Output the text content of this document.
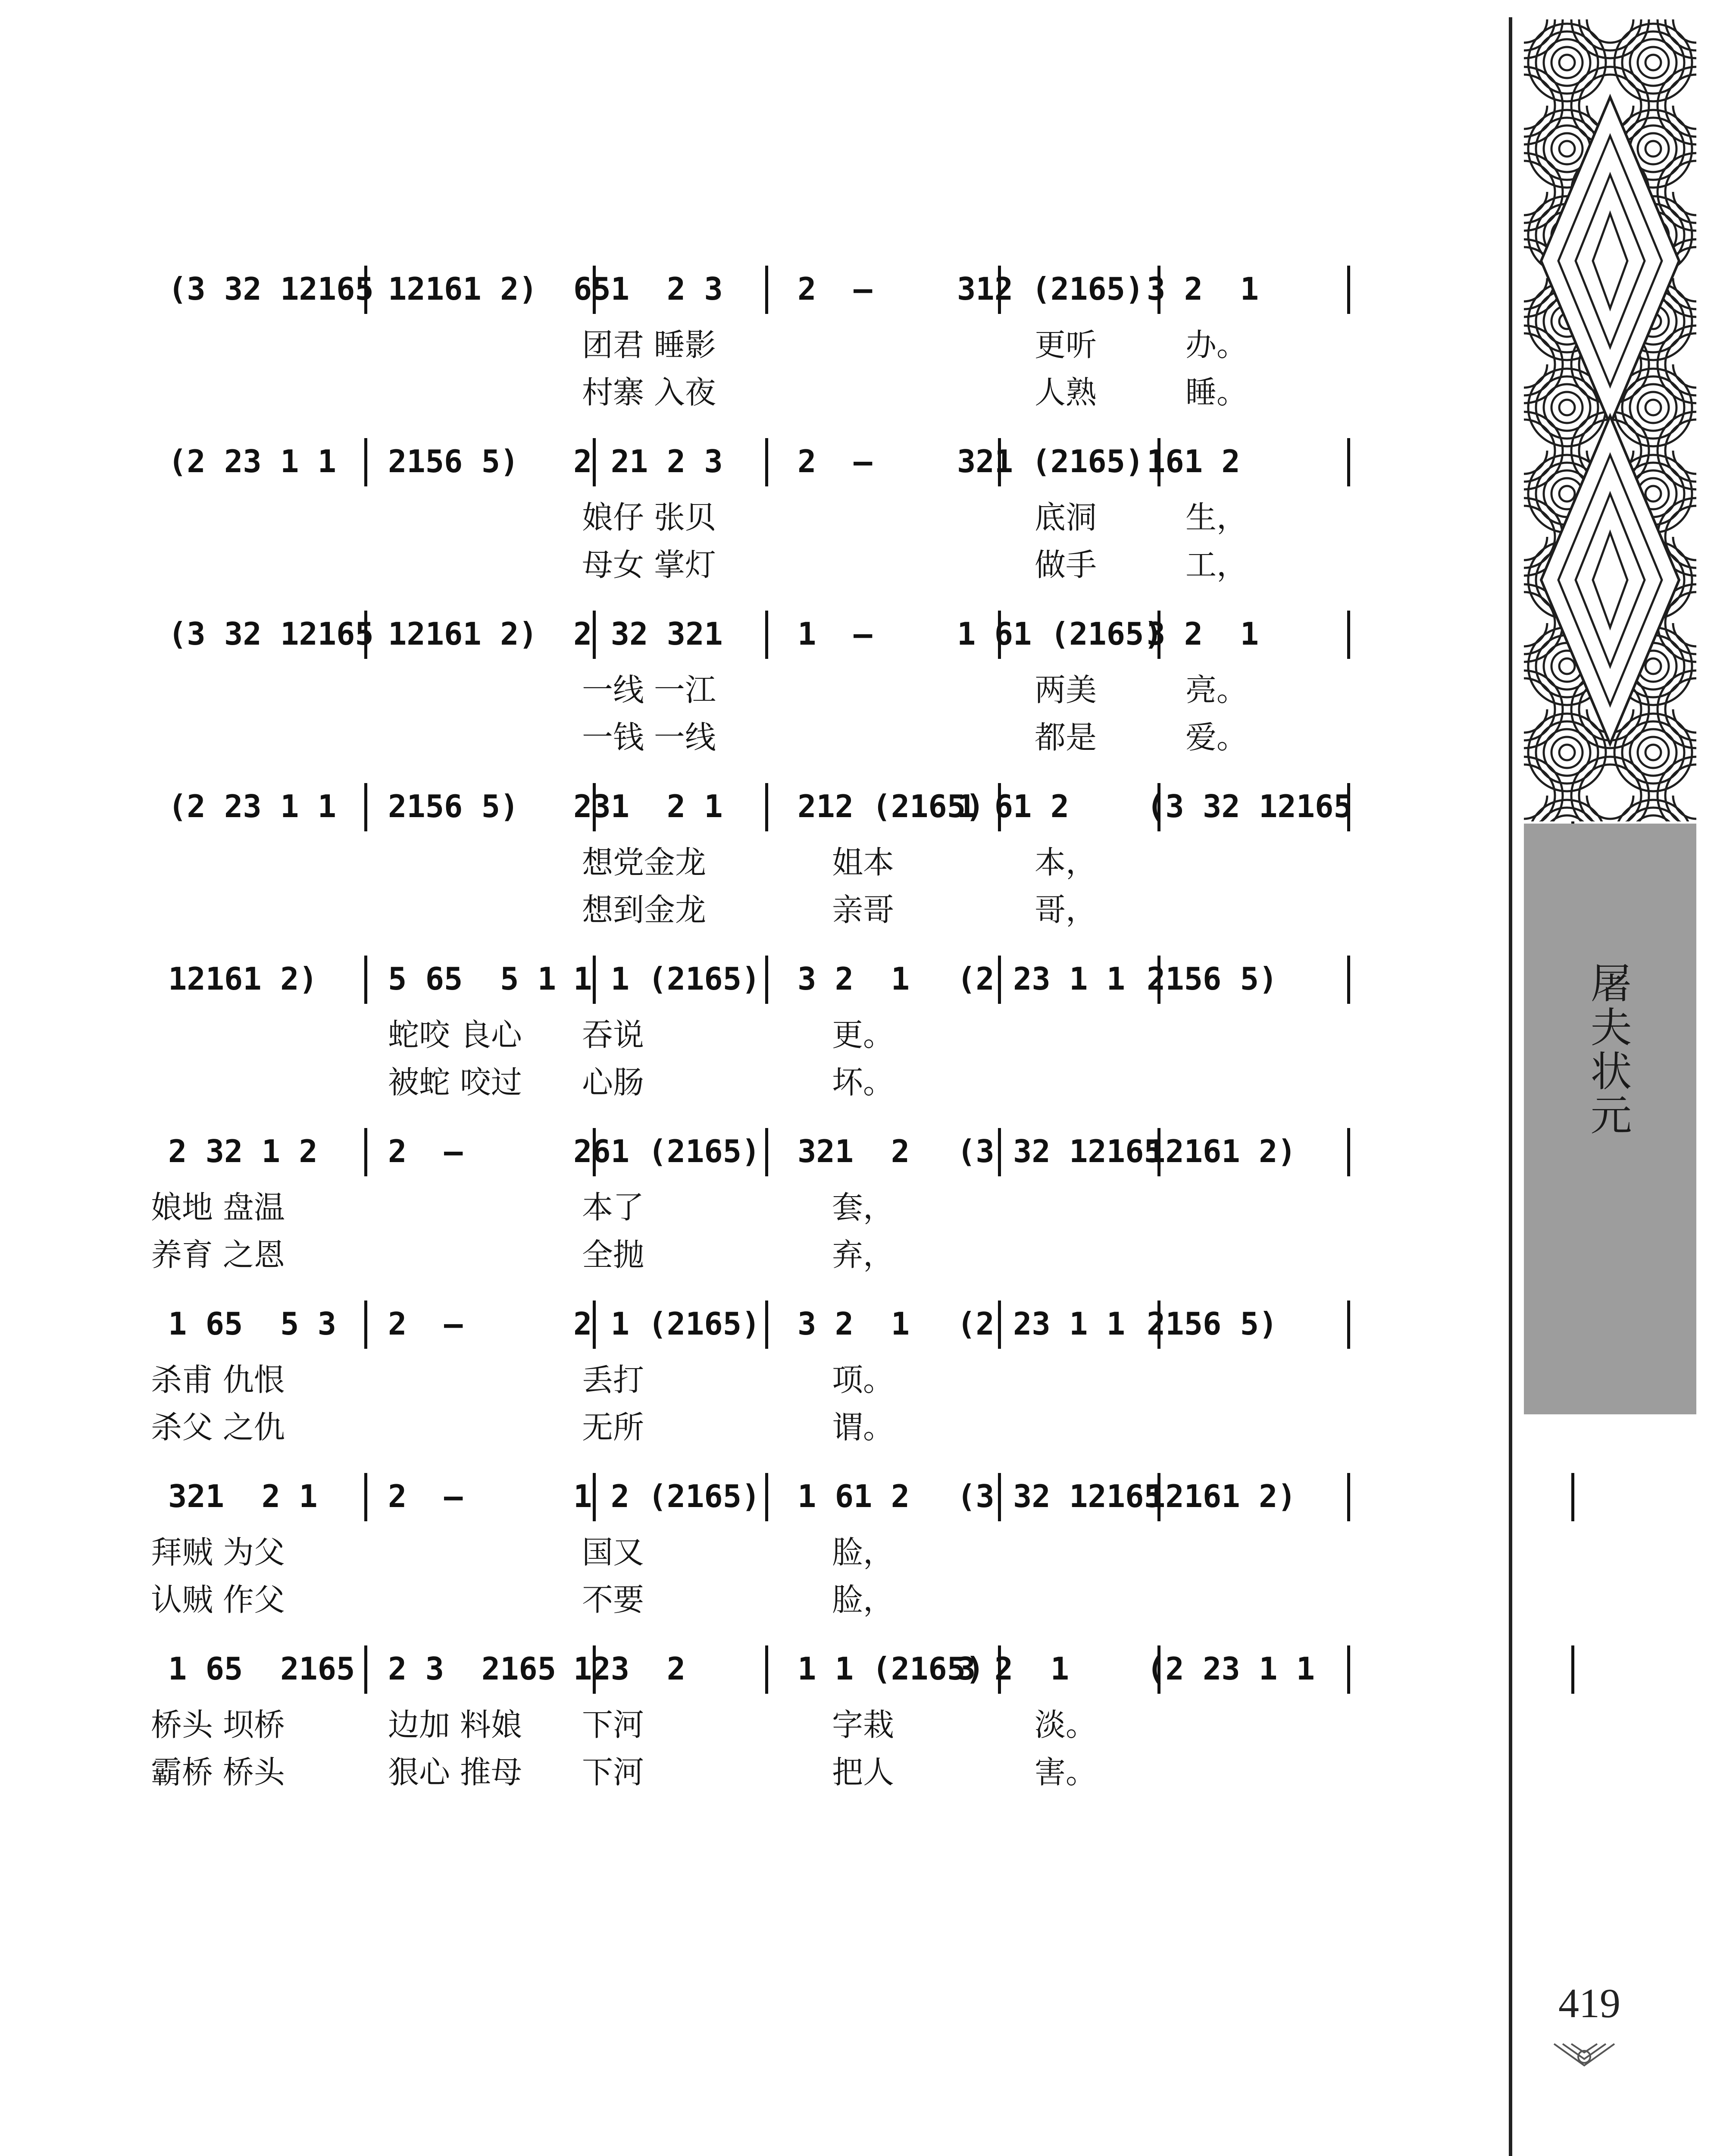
(3 32 12165 12161 2) 651  2 3 2  –	312 (2165) 3 2  1
团君 睡影	更听	办。
村寨 入夜	人熟	睡。
(2 23 1 1 2156 5) 2 21 2 3 2  –	321 (2165) 161 2
娘仔 张贝	底洞	生，
母女 掌灯	做手	工，
(3 32 12165 12161 2) 2 32 321 1  –	1 61 (2165)
3 2  1
一线 一江	两美	亮。
一钱 一线	都是	爱。
(2 23 1 1 2156 5) 231  2 1 212 (2165)
1 61 2 (3 32 12165
想党金龙	姐本	本，
想到金龙	亲哥	哥，
12161 2) 5 65  5 1 1 1 (2165) 3 2  1 (2 23 1 1 2156 5)
蛇咬 良心 吞说	更。
被蛇 咬过 心肠	坏。
2 32 1 2 2  –	261 (2165) 321  2 (3 32 12165
12161 2)
娘地 盘温	本了	套，
养育 之恩	全抛	弃，
1 65  5 3 2  –	2 1 (2165) 3 2  1 (2 23 1 1 2156 5)
杀甫 仇恨	丢打	项。
杀父 之仇	无所	谓。
321  2 1 2  –	1 2 (2165) 1 61 2 (3 32 12165
12161 2)
拜贼 为父	国又	脸，
认贼 作父	不要	脸，
1 65  2165 2 3  2165 123  2	1 1 (2165)
3 2  1 (2 23 1 1
桥头 坝桥	边加 料娘 下河	字栽	淡。
霸桥 桥头	狠心 推母 下河	把人	害。
屠夫状元
419
